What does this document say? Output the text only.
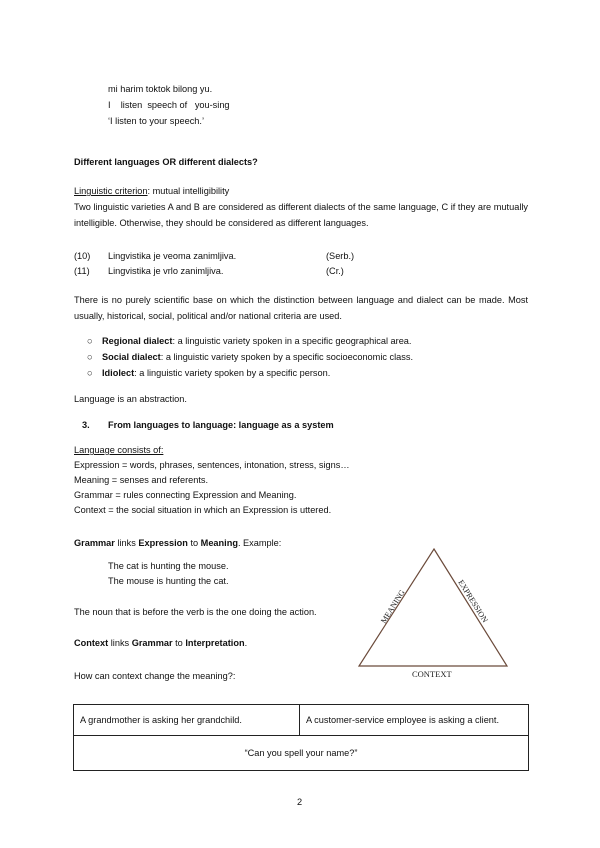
mi harim toktok bilong yu.
I    listen  speech of   you-sing
‘I listen to your speech.’
Different languages OR different dialects?
Linguistic criterion: mutual intelligibility
Two linguistic varieties A and B are considered as different dialects of the same language, C if they are mutually intelligible. Otherwise, they should be considered as different languages.
(10) Lingvistika je veoma zanimljiva.	(Serb.)
(11) Lingvistika je vrlo zanimljiva.	(Cr.)
There is no purely scientific base on which the distinction between language and dialect can be made. Most usually, historical, social, political and/or national criteria are used.
○ Regional dialect: a linguistic variety spoken in a specific geographical area.
○ Social dialect: a linguistic variety spoken by a specific socioeconomic class.
○ Idiolect: a linguistic variety spoken by a specific person.
Language is an abstraction.
3. From languages to language: language as a system
Language consists of:
Expression = words, phrases, sentences, intonation, stress, signs…
Meaning = senses and referents.
Grammar = rules connecting Expression and Meaning.
Context = the social situation in which an Expression is uttered.
Grammar links Expression to Meaning. Example:
The cat is hunting the mouse.
The mouse is hunting the cat.
The noun that is before the verb is the one doing the action.
Context links Grammar to Interpretation.
How can context change the meaning?:
MEANING	EXPRESSION
CONTEXT
A grandmother is asking her grandchild.	A customer-service employee is asking a client.
“Can you spell your name?”
2
